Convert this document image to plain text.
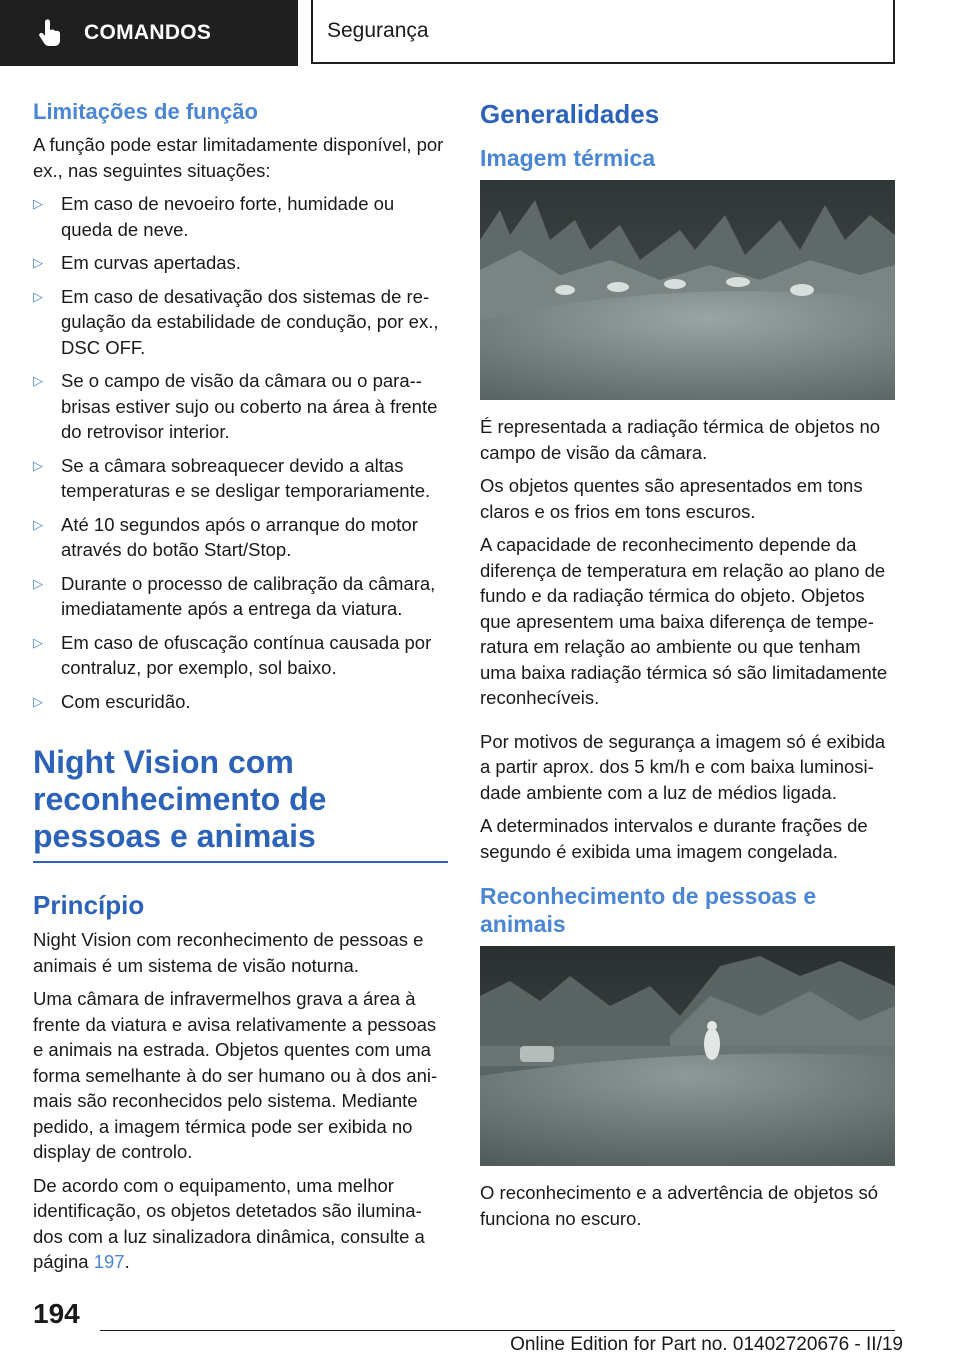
COMANDOS	Segurança
Limitações de função

A função pode estar limitadamente disponível, por ex., nas seguintes situações:

▷ Em caso de nevoeiro forte, humidade ou queda de neve.
▷ Em curvas apertadas.
▷ Em caso de desativação dos sistemas de re-gulação da estabilidade de condução, por ex., DSC OFF.
▷ Se o campo de visão da câmara ou o para--brisas estiver sujo ou coberto na área à frente do retrovisor interior.
▷ Se a câmara sobreaquecer devido a altas temperaturas e se desligar temporariamente.
▷ Até 10 segundos após o arranque do motor através do botão Start/Stop.
▷ Durante o processo de calibração da câmara, imediatamente após a entrega da viatura.
▷ Em caso de ofuscação contínua causada por contraluz, por exemplo, sol baixo.
▷ Com escuridão.
Night Vision com reconhecimento de pessoas e animais
Princípio

Night Vision com reconhecimento de pessoas e animais é um sistema de visão noturna.

Uma câmara de infravermelhos grava a área à frente da viatura e avisa relativamente a pessoas e animais na estrada. Objetos quentes com uma forma semelhante à do ser humano ou à dos ani-mais são reconhecidos pelo sistema. Mediante pedido, a imagem térmica pode ser exibida no display de controlo.

De acordo com o equipamento, uma melhor identificação, os objetos detetados são ilumina-dos com a luz sinalizadora dinâmica, consulte a página 197.

Generalidades
Imagem térmica

É representada a radiação térmica de objetos no campo de visão da câmara.

Os objetos quentes são apresentados em tons claros e os frios em tons escuros.

A capacidade de reconhecimento depende da diferença de temperatura em relação ao plano de fundo e da radiação térmica do objeto. Objetos que apresentem uma baixa diferença de tempe-ratura em relação ao ambiente ou que tenham uma baixa radiação térmica só são limitadamente reconhecíveis.

Por motivos de segurança a imagem só é exibida a partir aprox. dos 5 km/h e com baixa luminosi-dade ambiente com a luz de médios ligada.

A determinados intervalos e durante frações de segundo é exibida uma imagem congelada.

Reconhecimento de pessoas e animais

O reconhecimento e a advertência de objetos só funciona no escuro.

194
Online Edition for Part no. 01402720676 - II/19
